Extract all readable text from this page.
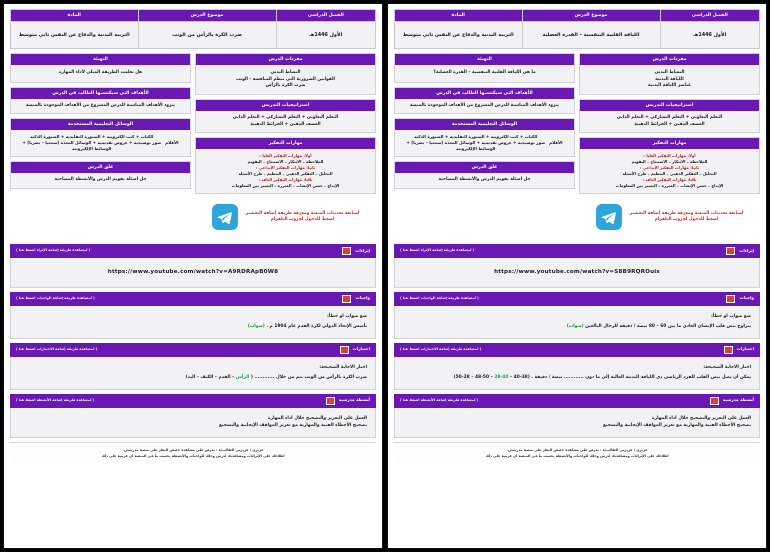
الفصل الدراسي	موضوع الدرس	المادة
الأول 1446هـ	اللياقة القلبية التنفسية – القدرة العضلية	التربية البدنية والدفاع عن النفس ثاني متوسط
مفردات الدرس
النشاط البدني
اللياقة البدنية
عناصر اللياقة البدنية
استراتيجيات التدريس
التعلم التعاوني + التعلم التشاركي + التعلم الذاتي
العصف الذهني + الخرائط الذهنية
مهارات التفكير
أولا: مهارات التفكير العليا :
الملاحظة – الابتكار – الاستنتاج – التقويم
ثانيا: مهارات التفكير الإبداعي :
التحليل – التفكير الذهني – التنظيم – طرح الأسئلة
ثالثا: مهارات التفكير الناقد :
الإبداع – حسن الإنصات – المبررة – التمييز بين المعلومات
لمتابعة تحديثات المنصة ومعرفة طريقة إضافة التحضير
اضغط للدخول لجروب التلقرام
التهيئة
ما هي اللياقة القلبية التنفسية – القدرة العضلية؟
الأهداف التي سيكتسبها الطالب في الدرس
يتزود الأهداف المناسبة للدرس المشروع من الأهداف الموجودة بالمنصة
الوسائل التعليمية المستخدمة
الأفلام
الكتاب + كتب الكترونية + السبورة التقليدية + السبورة الذكية
صور توضيحية + عروض تقديمية + الوسائل المعدة (سمعيا – بصريا) +
الوسائط الإلكترونية
غلق الدرس
حل اسئلة تقويم الدرس والأنشطة المصاحبة
إثراءات
( لمشاهدة طريقة إضافة الإثراء اضغط هنا )
https://www.youtube.com/watch?v=S8B9RQROuis
واجبات
( لمشاهدة طريقة إضافة الواجبات اضغط هنا )
ضع صواب او خطأ:
يتراوح نبض قلب الإنسان العادي ما بين 60 – 80 نبضة / دقيقة للرجال البالغين (صواب)
اختبارات
( لمشاهدة طريقة إضافة الاختبارات اضغط هنا )
اختار الاجابة الصحيحة:
يمكن أن يصل نبض القلب للفرد الرياضي ذي اللياقة البدنية العالية إلى ما دون ............ نبضة / دقيقة . (38-40 – 40-28 – 50-48 – 28-50)
أنشطة مدرسية
( لمشاهدة طريقة إضافة الأنشطة اضغط هنا )
العمل على التعزيز والتصحيح خلال اداء المهارة
تصحيح الأخطاء الفنية والمهارية مع تعزيز المواقف الإيجابية والتشجيع
عزيزي / عزيزتي الطالب/ة : نعرض على مشاهدة حصص النظر على منصة مدرستي.
اطلاعك على الإثراءات ومشاهدتك لدرس وحلك للواجبات والأنشطة بحسب ما في المنصة ان عزيمة على ذلك
الفصل الدراسي	موضوع الدرس	المادة
الأول 1446هـ	ضرب الكرة بالرأس من الوثب	التربية البدنية والدفاع عن النفس ثاني متوسط
مفردات الدرس
النشاط البدني
القوانين الضرورية التي تنظم المنافسة - الوثب
ضرب الكرة بالرأس
استراتيجيات التدريس
التعلم التعاوني + التعلم التشاركي + التعلم الذاتي
العصف الذهني + الخرائط الذهنية
مهارات التفكير
أولا: مهارات التفكير العليا :
الملاحظة – الابتكار – الاستنتاج – التقويم
ثانيا: مهارات التفكير الإبداعي :
التحليل – التفكير الذهني – التنظيم – طرح الأسئلة
ثالثا: مهارات التفكير الناقد :
الإبداع – حسن الإنصات – المبررة – التمييز بين المعلومات
لمتابعة تحديثات المنصة ومعرفة طريقة إضافة التحضير
اضغط للدخول لجروب التلقرام
التهيئة
هل تعلمت الطريقة المثلى لأداء المهارة
الأهداف التي سيكتسبها الطالب في الدرس
يتزود الأهداف المناسبة للدرس المشروع من الأهداف الموجودة بالمنصة
الوسائل التعليمية المستخدمة
الأفلام
الكتاب + كتب الكترونية + السبورة التقليدية + السبورة الذكية
صور توضيحية + عروض تقديمية + الوسائل المعدة (سمعيا – بصريا) +
الوسائط الإلكترونية
غلق الدرس
حل اسئلة تقويم الدرس والأنشطة المصاحبة
إثراءات
( لمشاهدة طريقة إضافة الإثراء اضغط هنا )
https://www.youtube.com/watch?v=A9RDRApB0W8
واجبات
( لمشاهدة طريقة إضافة الواجبات اضغط هنا )
ضع صواب او خطأ:
تأسس الإتحاد الدولي لكرة القدم عام 1904 م . (صواب)
اختبارات
( لمشاهدة طريقة إضافة الاختبارات اضغط هنا )
اختار الاجابة الصحيحة:
ضرب الكرة بالرأس من الوثب يتم من خلال ............ ( الرأس – القدم – الكتف – اليد)
أنشطة مدرسية
( لمشاهدة طريقة إضافة الأنشطة اضغط هنا )
العمل على التعزيز والتصحيح خلال اداء المهارة
تصحيح الأخطاء الفنية والمهارية مع تعزيز المواقف الإيجابية والتشجيع
عزيزي / عزيزتي الطالب/ة : نعرض على مشاهدة حصص النظر على منصة مدرستي.
اطلاعك على الإثراءات ومشاهدتك لدرس وحلك للواجبات والأنشطة بحسب ما في المنصة ان عزيمة على ذلك
